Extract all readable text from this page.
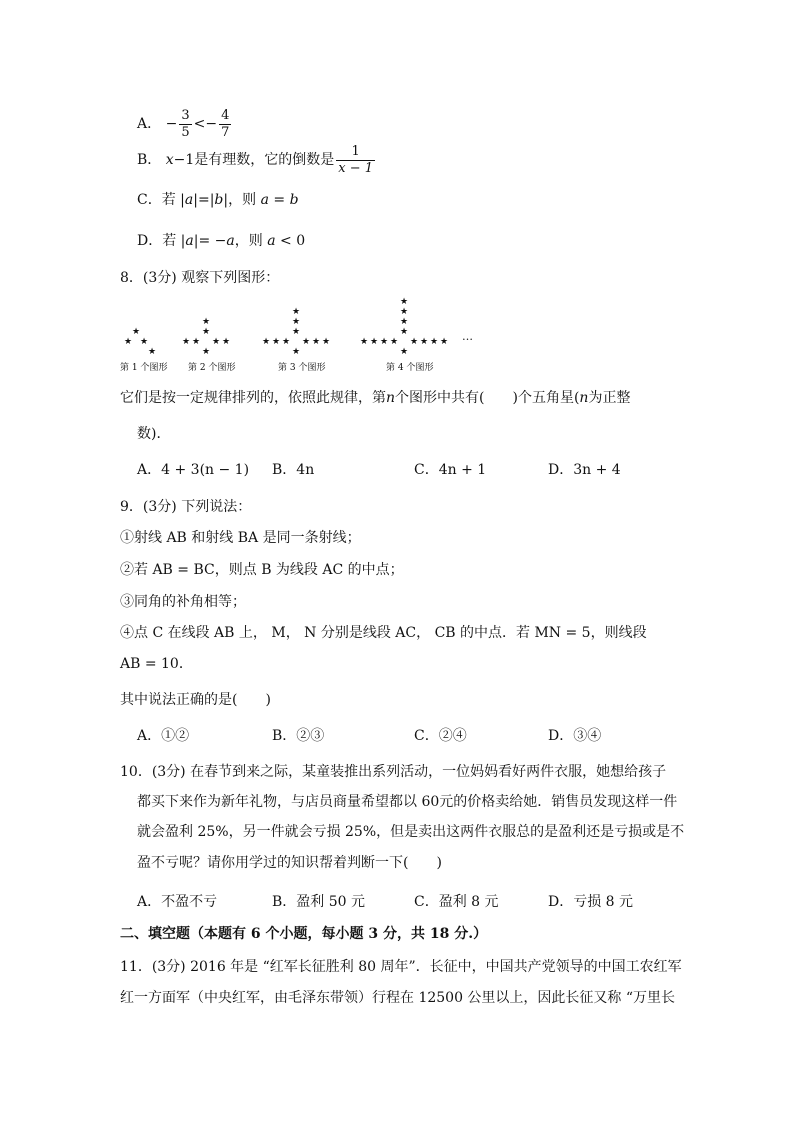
A． − $\frac{3}{5} <- \frac{4}{7}$
B． x−1是有理数，它的倒数是 $\frac{1}{x - 1}$
C．若 |a|=|b|，则 a = b
D．若 |a|= −a，则 a < 0
8．(3分) 观察下列图形：
★
★ ★
★
第 1 个图形
★
★
★ ★ ★ ★
★
第 2 个图形
★
★
★
★ ★ ★ ★ ★ ★
★
第 3 个图形
★
★
★
★
★ ★ ★ ★ ★ ★ ★ ★
★
第 4 个图形
…
它们是按一定规律排列的，依照此规律，第n个图形中共有(　　)个五角星(n为正整
数)．
A．4 + 3(n − 1) B．4n	C．4n + 1	D．3n + 4
9．(3分) 下列说法：
①射线 AB 和射线 BA 是同一条射线；
②若 AB = BC，则点 B 为线段 AC 的中点；
③同角的补角相等；
④点 C 在线段 AB 上， M， N 分别是线段 AC， CB 的中点．若 MN = 5，则线段
AB = 10．
其中说法正确的是(　　)
A．①②	B．②③	C．②④	D．③④
10．(3分) 在春节到来之际，某童装推出系列活动，一位妈妈看好两件衣服，她想给孩子
都买下来作为新年礼物，与店员商量希望都以 60元的价格卖给她．销售员发现这样一件
就会盈利 25%，另一件就会亏损 25%，但是卖出这两件衣服总的是盈利还是亏损或是不
盈不亏呢？请你用学过的知识帮着判断一下(　　)
A．不盈不亏	B．盈利 50 元	C．盈利 8 元	D．亏损 8 元
二、填空题（本题有 6 个小题，每小题 3 分，共 18 分.）
11．(3分) 2016 年是 “红军长征胜利 80 周年”．长征中，中国共产党领导的中国工农红军
红一方面军（中央红军，由毛泽东带领）行程在 12500 公里以上，因此长征又称 “万里长
